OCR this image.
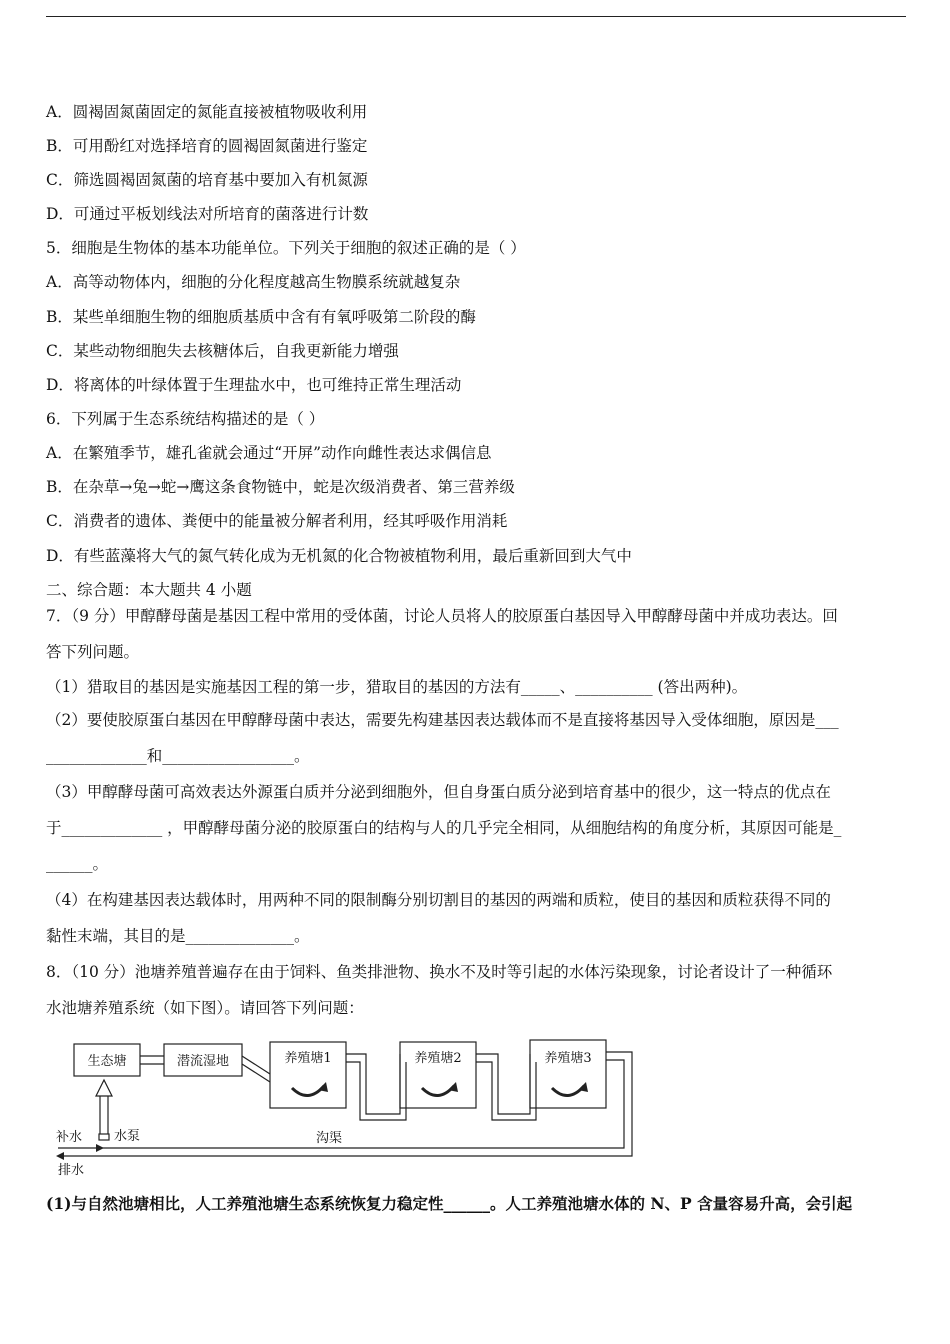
A．圆褐固氮菌固定的氮能直接被植物吸收利用
B．可用酚红对选择培育的圆褐固氮菌进行鉴定
C．筛选圆褐固氮菌的培育基中要加入有机氮源
D．可通过平板划线法对所培育的菌落进行计数
5．细胞是生物体的基本功能单位。下列关于细胞的叙述正确的是（ ）
A．高等动物体内，细胞的分化程度越高生物膜系统就越复杂
B．某些单细胞生物的细胞质基质中含有有氧呼吸第二阶段的酶
C．某些动物细胞失去核糖体后，自我更新能力增强
D．将离体的叶绿体置于生理盐水中，也可维持正常生理活动
6．下列属于生态系统结构描述的是（ ）
A．在繁殖季节，雄孔雀就会通过“开屏”动作向雌性表达求偶信息
B．在杂草→兔→蛇→鹰这条食物链中，蛇是次级消费者、第三营养级
C．消费者的遗体、粪便中的能量被分解者利用，经其呼吸作用消耗
D．有些蓝藻将大气的氮气转化成为无机氮的化合物被植物利用，最后重新回到大气中
二、综合题：本大题共 4 小题
7．（9 分）甲醇酵母菌是基因工程中常用的受体菌，讨论人员将人的胶原蛋白基因导入甲醇酵母菌中并成功表达。回
答下列问题。
（1）猎取目的基因是实施基因工程的第一步，猎取目的基因的方法有_____、__________ (答出两种)。
（2）要使胶原蛋白基因在甲醇酵母菌中表达，需要先构建基因表达载体而不是直接将基因导入受体细胞，原因是___
_____________和_________________。
（3）甲醇酵母菌可高效表达外源蛋白质并分泌到细胞外，但自身蛋白质分泌到培育基中的很少，这一特点的优点在
于_____________ ，甲醇酵母菌分泌的胶原蛋白的结构与人的几乎完全相同，从细胞结构的角度分析，其原因可能是_
______。
（4）在构建基因表达载体时，用两种不同的限制酶分别切割目的基因的两端和质粒，使目的基因和质粒获得不同的
黏性末端，其目的是______________。
8．（10 分）池塘养殖普遍存在由于饲料、鱼类排泄物、换水不及时等引起的水体污染现象，讨论者设计了一种循环
水池塘养殖系统（如下图）。请回答下列问题：
生态塘	潜流湿地	养殖塘1	养殖塘2	养殖塘3
水泵	沟渠
补水
排水
(1)与自然池塘相比，人工养殖池塘生态系统恢复力稳定性______。人工养殖池塘水体的 N、P 含量容易升高，会引起
